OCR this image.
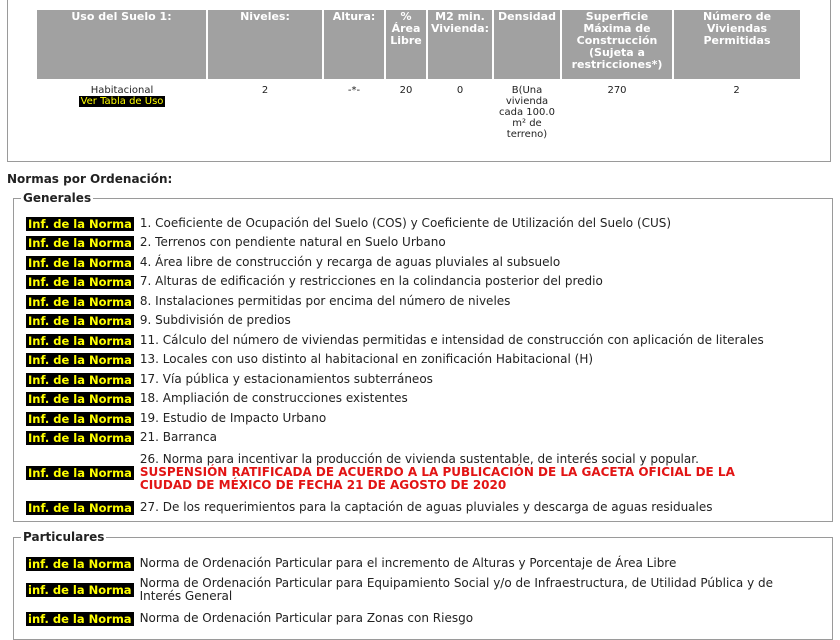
Uso del Suelo 1:	Niveles:	Altura:	% Área Libre	M2 min. Vivienda:	Densidad	Superficie Máxima de Construcción (Sujeta a restricciones*)	Número de Viviendas Permitidas

Habitacional
Ver Tabla de Uso	2	-*-	20	0	B(Una vivienda cada 100.0 m² de terreno)	270	2
Normas por Ordenación:
Generales
Inf. de la Norma 1. Coeficiente de Ocupación del Suelo (COS) y Coeficiente de Utilización del Suelo (CUS)
Inf. de la Norma 2. Terrenos con pendiente natural en Suelo Urbano
Inf. de la Norma 4. Área libre de construcción y recarga de aguas pluviales al subsuelo
Inf. de la Norma 7. Alturas de edificación y restricciones en la colindancia posterior del predio
Inf. de la Norma 8. Instalaciones permitidas por encima del número de niveles
Inf. de la Norma 9. Subdivisión de predios
Inf. de la Norma 11. Cálculo del número de viviendas permitidas e intensidad de construcción con aplicación de literales
Inf. de la Norma 13. Locales con uso distinto al habitacional en zonificación Habitacional (H)
Inf. de la Norma 17. Vía pública y estacionamientos subterráneos
Inf. de la Norma 18. Ampliación de construcciones existentes
Inf. de la Norma 19. Estudio de Impacto Urbano
Inf. de la Norma 21. Barranca
Inf. de la Norma
26. Norma para incentivar la producción de vivienda sustentable, de interés social y popular.
SUSPENSIÓN RATIFICADA DE ACUERDO A LA PUBLICACIÓN DE LA GACETA OFICIAL DE LA CIUDAD DE MÉXICO DE FECHA 21 DE AGOSTO DE 2020
Inf. de la Norma 27. De los requerimientos para la captación de aguas pluviales y descarga de aguas residuales
Particulares
inf. de la Norma Norma de Ordenación Particular para el incremento de Alturas y Porcentaje de Área Libre
inf. de la Norma Norma de Ordenación Particular para Equipamiento Social y/o de Infraestructura, de Utilidad Pública y de Interés General
inf. de la Norma Norma de Ordenación Particular para Zonas con Riesgo
